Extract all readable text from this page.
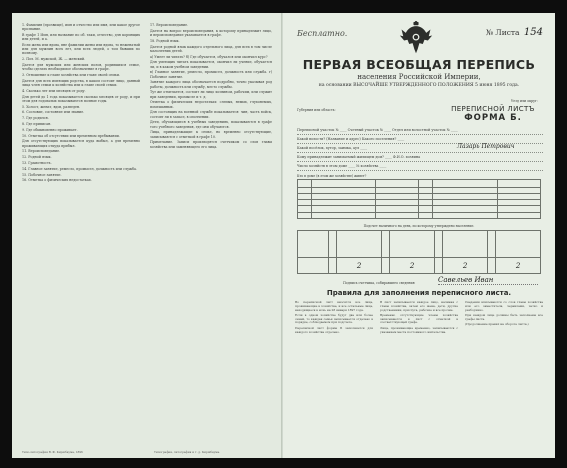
1. Фамилия (прозвище), имя и отчество или имя, или какое другое прозвание.

В графе 1 Имя, или название по об. таки, отчество, для кормящих или детей, и а.

Если жена или вдова, вне фамилии жены или вдова, то неженатый или для мужчин всех лет, или всех людей, о том бывших по полному.

2. Пол. М. мужской, Ж. — женский.

Дается для мужских или женских полов, родившихся семье, чтобы сделать необходимое обозначение в графе.

3. Отношение к главе хозяйства или главе своей семьи.

Дается для всех имеющих родства, в каком состоит лицо, данный лица член семьи к хозяйства или к главе своей семьи.

4. Сколько лет или месяцев от роду.

Для детей до 1 года показывается сколько месяцев от роду, и при этом для годовалых показываются полные годы.

5. Холост, женат, вдов, разведен.

6. Сословие, состояние или звание.

7. Где родился.

8. Где приписан.

9. Где обыкновенно проживает.

10. Отметка об отсутствии или временном пребывании.

Для отсутствующих показывается куда выбыл, а для временно проживающих откуда прибыл.

11. Вероисповедание.

12. Родной язык.

13. Грамотность.

14. Главное занятие, ремесло, промысел, должность или служба.

15. Побочное занятие.

16. Отметка о физических недостатках.

17. Вероисповедание.

Дается на вопрос вероисповедания, к которому принадлежит лицо, и вероисповедание указывается в графе.

18. Родной язык.

Дается родной язык каждого отдельного лица, для всех в том числе малолетних детей.

а) Умеет ли читать? б) Где обучается, обучался или окончил курс?

Для умеющих читать показывается, окончил ли учение, обучается ли, и в каком учебном заведении.

в) Главное занятие, ремесло, промысел, должность или служба. г) Побочное занятие.

Занятие каждого лица обозначается подробно, точно указывая род работы, должность или службу, место службы.

Тут же отмечается, состоит ли лицо хозяином, рабочим, или служит при заведении, промысле и т. д.

Отметка о физических недостатках: слепых, немых, глухонемых, помешанных.

Для состоящих на военной службе показывается: чин, часть войск, состоит ли в запасе, в ополчении.

Дети, обучающиеся в учебных заведениях, показываются в графе того учебного заведения, где они обучаются.

Лица, принадлежащие к семье, но временно отсутствующие, записываются с отметкой в графе 10.

Примечание. Записи производятся счетчиком со слов главы хозяйства или заменяющего его лица.

Типо-литография В. Ф. Киршбаума, 1896	Типография, литография и т. д. Киршбаума.
Бесплатно.	№ Листа 154
ПЕРВАЯ ВСЕОБЩАЯ ПЕРЕПИСЬ
населения Российской Империи,
на основании ВЫСОЧАЙШЕ УТВЕРЖДЕННОГО ПОЛОЖЕНИЯ 5 июня 1895 года.
Губерния или область:	ПЕРЕПИСНОЙ ЛИСТЪ
ФОРМА Б.
Уезд или округ:
Переписной участок № ____ Счетный участок № ____ Отдел или волостной участок № ____
Какой волости? (Название и адрес) Какого поселения? ____
Какой посёлок, хутор, заимка, аул ____	Лазарь Петрович
Кому принадлежит занимаемый жилищем дом? ____ Ф.И.О. хозяина
Число хозяйств в этом доме ____ № хозяйства ____
Кто в доме (в этом же хозяйстве) живет?

Подсчет наличного на день, по которому утверждено население.

		2		2		2		2
Подпись счетчика, собиравшего сведения	Савельев Иван
Правила для заполнения переписного листа.

Во переписной лист вносятся все лица, проживающие в хозяйстве, и все остальные лица, находящиеся в ночь на 28 января 1897 года.

Если в одном хозяйстве будут два или более семей, то каждая семья записывается отдельно в порядке, соблюдаемом при подсчете.

Переписной лист формы Б заполняется для каждого хозяйства отдельно.

В лист записывается каждое лицо, начиная с главы хозяйства, затем его жена, дети, другие родственники, прислуга, рабочие и все прочие.

Временно отсутствующие члены хозяйства записываются в лист с отметкой в соответствующей графе.

Лица, проживающие временно, записываются с указанием места постоянного жительства.

Сведения вписываются со слов главы хозяйства или его заместителя, чернилами, четко и разборчиво.

При каждом лице должны быть заполнены все графы листа.

(Продолжение правил на обороте листа.)
